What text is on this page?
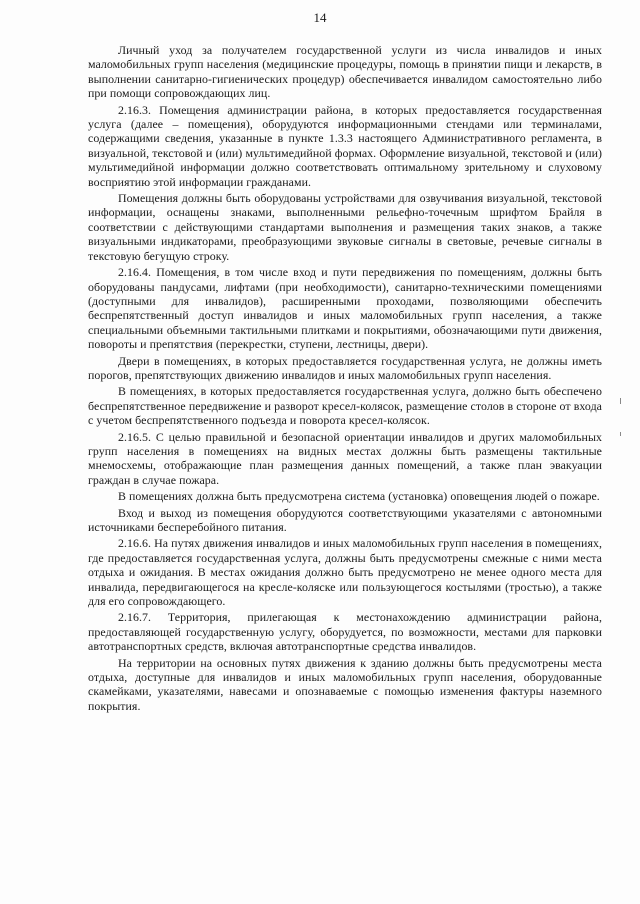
14

Личный уход за получателем государственной услуги из числа инвалидов и иных маломобильных групп населения (медицинские процедуры, помощь в принятии пищи и лекарств, в выполнении санитарно-гигиенических процедур) обеспечивается инвалидом самостоятельно либо при помощи сопровождающих лиц.

2.16.3. Помещения администрации района, в которых предоставляется государственная услуга (далее – помещения), оборудуются информационными стендами или терминалами, содержащими сведения, указанные в пункте 1.3.3 настоящего Административного регламента, в визуальной, текстовой и (или) мультимедийной формах. Оформление визуальной, текстовой и (или) мультимедийной информации должно соответствовать оптимальному зрительному и слуховому восприятию этой информации гражданами.

Помещения должны быть оборудованы устройствами для озвучивания визуальной, текстовой информации, оснащены знаками, выполненными рельефно-точечным шрифтом Брайля в соответствии с действующими стандартами выполнения и размещения таких знаков, а также визуальными индикаторами, преобразующими звуковые сигналы в световые, речевые сигналы в текстовую бегущую строку.

2.16.4. Помещения, в том числе вход и пути передвижения по помещениям, должны быть оборудованы пандусами, лифтами (при необходимости), санитарно-техническими помещениями (доступными для инвалидов), расширенными проходами, позволяющими обеспечить беспрепятственный доступ инвалидов и иных маломобильных групп населения, а также специальными объемными тактильными плитками и покрытиями, обозначающими пути движения, повороты и препятствия (перекрестки, ступени, лестницы, двери).

Двери в помещениях, в которых предоставляется государственная услуга, не должны иметь порогов, препятствующих движению инвалидов и иных маломобильных групп населения.

В помещениях, в которых предоставляется государственная услуга, должно быть обеспечено беспрепятственное передвижение и разворот кресел-колясок, размещение столов в стороне от входа с учетом беспрепятственного подъезда и поворота кресел-колясок.

2.16.5. С целью правильной и безопасной ориентации инвалидов и других маломобильных групп населения в помещениях на видных местах должны быть размещены тактильные мнемосхемы, отображающие план размещения данных помещений, а также план эвакуации граждан в случае пожара.

В помещениях должна быть предусмотрена система (установка) оповещения людей о пожаре.

Вход и выход из помещения оборудуются соответствующими указателями с автономными источниками бесперебойного питания.

2.16.6. На путях движения инвалидов и иных маломобильных групп населения в помещениях, где предоставляется государственная услуга, должны быть предусмотрены смежные с ними места отдыха и ожидания. В местах ожидания должно быть предусмотрено не менее одного места для инвалида, передвигающегося на кресле-коляске или пользующегося костылями (тростью), а также для его сопровождающего.

2.16.7. Территория, прилегающая к местонахождению администрации района, предоставляющей государственную услугу, оборудуется, по возможности, местами для парковки автотранспортных средств, включая автотранспортные средства инвалидов.

На территории на основных путях движения к зданию должны быть предусмотрены места отдыха, доступные для инвалидов и иных маломобильных групп населения, оборудованные скамейками, указателями, навесами и опознаваемые с помощью изменения фактуры наземного покрытия.
